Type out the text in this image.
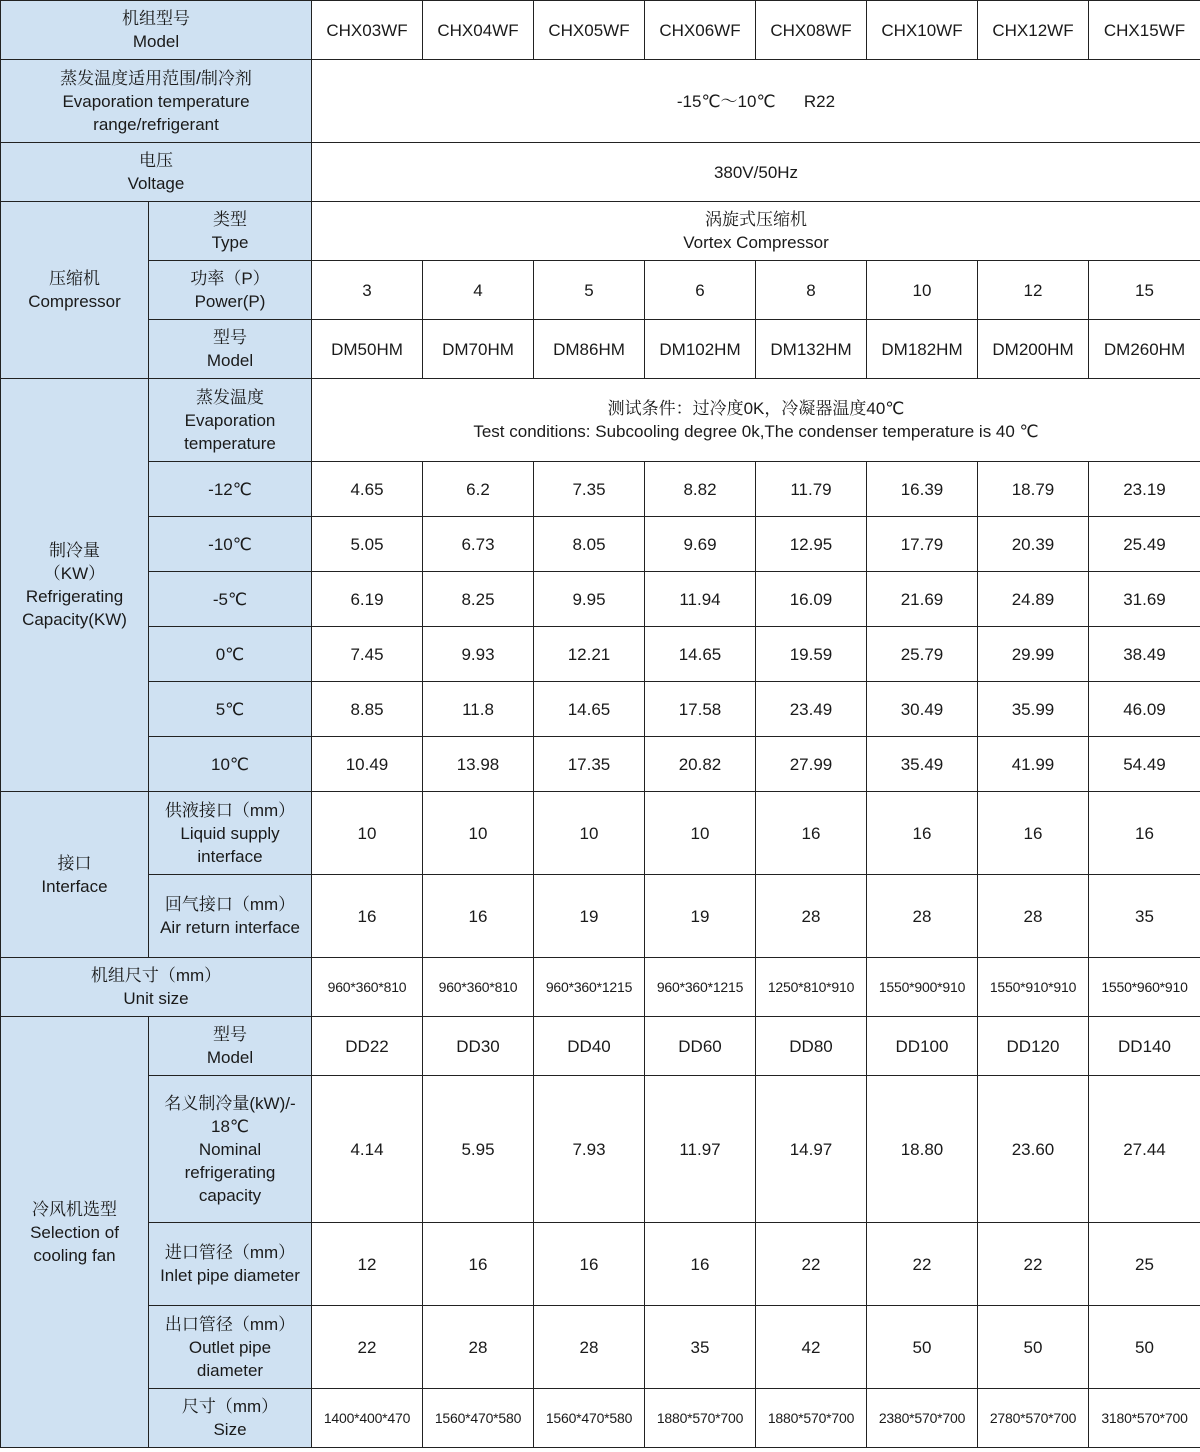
机组型号
Model		CHX03WF	CHX04WF	CHX05WF	CHX06WF	CHX08WF	CHX10WF	CHX12WF	CHX15WF

蒸发温度适用范围/制冷剂
Evaporation temperature
range/refrigerant		-15℃～10℃      R22							

电压
Voltage		380V/50Hz							

压缩机
Compressor	类型
Type	涡旋式压缩机
Vortex Compressor							

	功率（P）
Power(P)	3	4	5	6	8	10	12	15

	型号
Model	DM50HM	DM70HM	DM86HM	DM102HM	DM132HM	DM182HM	DM200HM	DM260HM

制冷量
（KW）
Refrigerating
Capacity(KW)	蒸发温度
Evaporation
temperature	测试条件：过冷度0K，冷凝器温度40℃
Test conditions: Subcooling degree 0k,The condenser temperature is 40 ℃							

	-12℃	4.65	6.2	7.35	8.82	11.79	16.39	18.79	23.19
	-10℃	5.05	6.73	8.05	9.69	12.95	17.79	20.39	25.49
	-5℃	6.19	8.25	9.95	11.94	16.09	21.69	24.89	31.69
	0℃	7.45	9.93	12.21	14.65	19.59	25.79	29.99	38.49
	5℃	8.85	11.8	14.65	17.58	23.49	30.49	35.99	46.09
	10℃	10.49	13.98	17.35	20.82	27.99	35.49	41.99	54.49

接口
Interface	供液接口（mm）
Liquid supply
interface	10	10	10	10	16	16	16	16

	回气接口（mm）
Air return interface	16	16	19	19	28	28	28	35

机组尺寸（mm）
Unit size		960*360*810	960*360*810	960*360*1215	960*360*1215	1250*810*910	1550*900*910	1550*910*910	1550*960*910

冷风机选型
Selection of
cooling fan	型号
Model	DD22	DD30	DD40	DD60	DD80	DD100	DD120	DD140

	名义制冷量(kW)/-
18℃
Nominal
refrigerating
capacity	4.14	5.95	7.93	11.97	14.97	18.80	23.60	27.44

	进口管径（mm）
Inlet pipe diameter	12	16	16	16	22	22	22	25

	出口管径（mm）
Outlet pipe
diameter	22	28	28	35	42	50	50	50

	尺寸（mm）
Size	1400*400*470	1560*470*580	1560*470*580	1880*570*700	1880*570*700	2380*570*700	2780*570*700	3180*570*700
